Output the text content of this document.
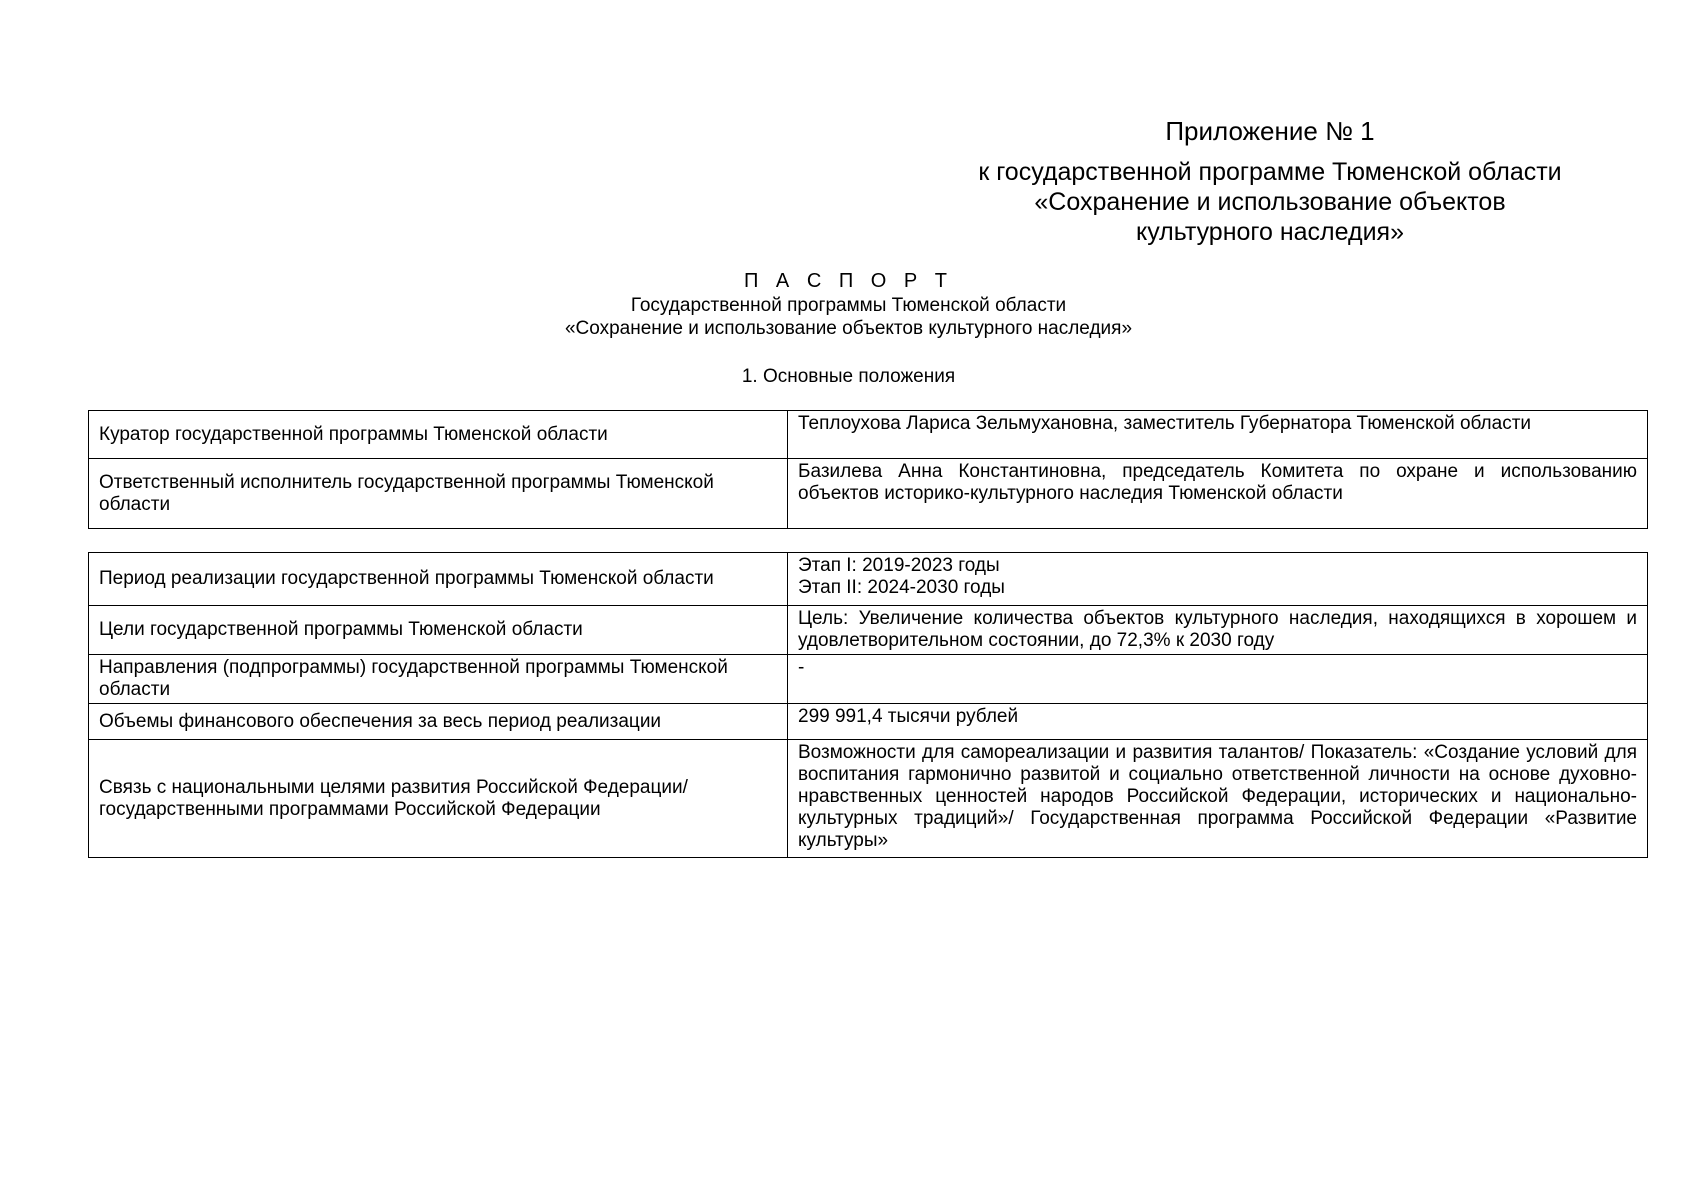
Приложение № 1
к государственной программе Тюменской области
«Сохранение и использование объектов
культурного наследия»
П А С П О Р Т
Государственной программы Тюменской области
«Сохранение и использование объектов культурного наследия»
1. Основные положения
Куратор государственной программы Тюменской области	Теплоухова Лариса Зельмухановна, заместитель Губернатора Тюменской области
Ответственный исполнитель государственной программы Тюменской области	Базилева Анна Константиновна, председатель Комитета по охране и использованию объектов историко-культурного наследия Тюменской области
Период реализации государственной программы Тюменской области	Этап I: 2019-2023 годы
Этап II: 2024-2030 годы

Цели государственной программы Тюменской области	Цель: Увеличение количества объектов культурного наследия, находящихся в хорошем и удовлетворительном состоянии, до 72,3% к 2030 году
Направления (подпрограммы) государственной программы Тюменской области	-
Объемы финансового обеспечения за весь период реализации	299 991,4 тысячи рублей
Связь с национальными целями развития Российской Федерации/ государственными программами Российской Федерации	Возможности для самореализации и развития талантов/ Показатель: «Создание условий для воспитания гармонично развитой и социально ответственной личности на основе духовно-нравственных ценностей народов Российской Федерации, исторических и национально-культурных традиций»/ Государственная программа Российской Федерации «Развитие культуры»
